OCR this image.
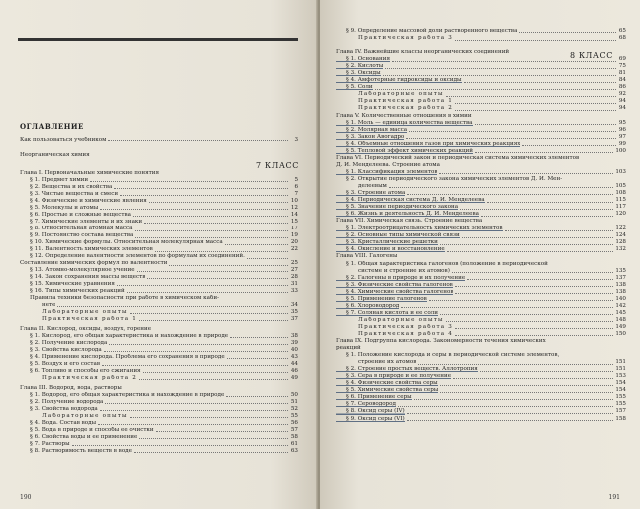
ОГЛАВЛЕНИЕ
Как пользоваться учебником	3
Неорганическая химия
7 КЛАСС
Глава I. Первоначальные химические понятия
§ 1. Предмет химии	5
§ 2. Вещества и их свойства	6
§ 3. Чистые вещества и смеси	7
§ 4. Физические и химические явления	10
§ 5. Молекулы и атомы	12
§ 6. Простые и сложные вещества	14
§ 7. Химические элементы и их знаки	15
§ 8. Относительная атомная масса	17
§ 9. Постоянство состава вещества	19
§ 10. Химические формулы. Относительная молекулярная масса	20
§ 11. Валентность химических элементов	22
§ 12. Определение валентности элементов по формулам их соединений.
Составление химических формул по валентности	25
§ 13. Атомно-молекулярное учение	27
§ 14. Закон сохранения массы веществ	28
§ 15. Химические уравнения	31
§ 16. Типы химических реакций	33
Правила техники безопасности при работе в химическом каби-
нете	34
Лабораторные опыты	35
Практическая работа 1	37
Глава II. Кислород, оксиды, воздух, горение
§ 1. Кислород, его общая характеристика и нахождение в природе	38
§ 2. Получение кислорода	39
§ 3. Свойства кислорода	40
§ 4. Применение кислорода. Проблема его сохранения в природе	43
§ 5. Воздух и его состав	44
§ 6. Топливо и способы его сжигания	46
Практическая работа 2	49
Глава III. Водород, вода, растворы
§ 1. Водород, его общая характеристика и нахождение в природе	50
§ 2. Получение водорода	51
§ 3. Свойства водорода	52
Лабораторные опыты	55
§ 4. Вода. Состав воды	56
§ 5. Вода в природе и способы ее очистки	57
§ 6. Свойства воды и ее применение	58
§ 7. Растворы	61
§ 8. Растворимость веществ в воде	63
190
8 КЛАСС
§ 9. Определение массовой доли растворенного вещества	65
Практическая работа 3	68
Глава IV. Важнейшие классы неорганических соединений
§ 1. Основания	69
§ 2. Кислоты	75
§ 3. Оксиды	81
§ 4. Амфотерные гидроксиды и оксиды	84
§ 5. Соли	86
Лабораторные опыты	92
Практическая работа 1	94
Практическая работа 2	94
Глава V. Количественные отношения в химии
§ 1. Моль — единица количества вещества	95
§ 2. Молярная масса	96
§ 3. Закон Авогадро	97
§ 4. Объемные отношения газов при химических реакциях	99
§ 5. Тепловой эффект химических реакций	100
Глава VI. Периодический закон и периодическая система химических элементов
Д. И. Менделеева. Строение атома
§ 1. Классификация элементов	103
§ 2. Открытие периодического закона химических элементов Д. И. Мен-
делеевым	105
§ 3. Строение атома	108
§ 4. Периодическая система Д. И. Менделеева	115
§ 5. Значение периодического закона	117
§ 6. Жизнь и деятельность Д. И. Менделеева	120
Глава VII. Химическая связь. Строение вещества
§ 1. Электроотрицательность химических элементов	122
§ 2. Основные типы химической связи	124
§ 3. Кристаллические решетки	128
§ 4. Окисление и восстановление	132
Глава VIII. Галогены
§ 1. Общая характеристика галогенов (положение в периодической
системе и строение их атомов)	135
§ 2. Галогены в природе и их получение	137
§ 3. Физические свойства галогенов	138
§ 4. Химические свойства галогенов	138
§ 5. Применение галогенов	140
§ 6. Хлороводород	142
§ 7. Соляная кислота и ее соли	145
Лабораторные опыты	148
Практическая работа 3	149
Практическая работа 4	150
Глава IX. Подгруппа кислорода. Закономерности течения химических
реакций
§ 1. Положение кислорода и серы в периодической системе элементов,
строение их атомов	151
§ 2. Строение простых веществ. Аллотропия	151
§ 3. Сера в природе и ее получение	153
§ 4. Физические свойства серы	154
§ 5. Химические свойства серы	154
§ 6. Применение серы	155
§ 7. Сероводород	155
§ 8. Оксид серы (IV)	157
§ 9. Оксид серы (VI)	158
191
